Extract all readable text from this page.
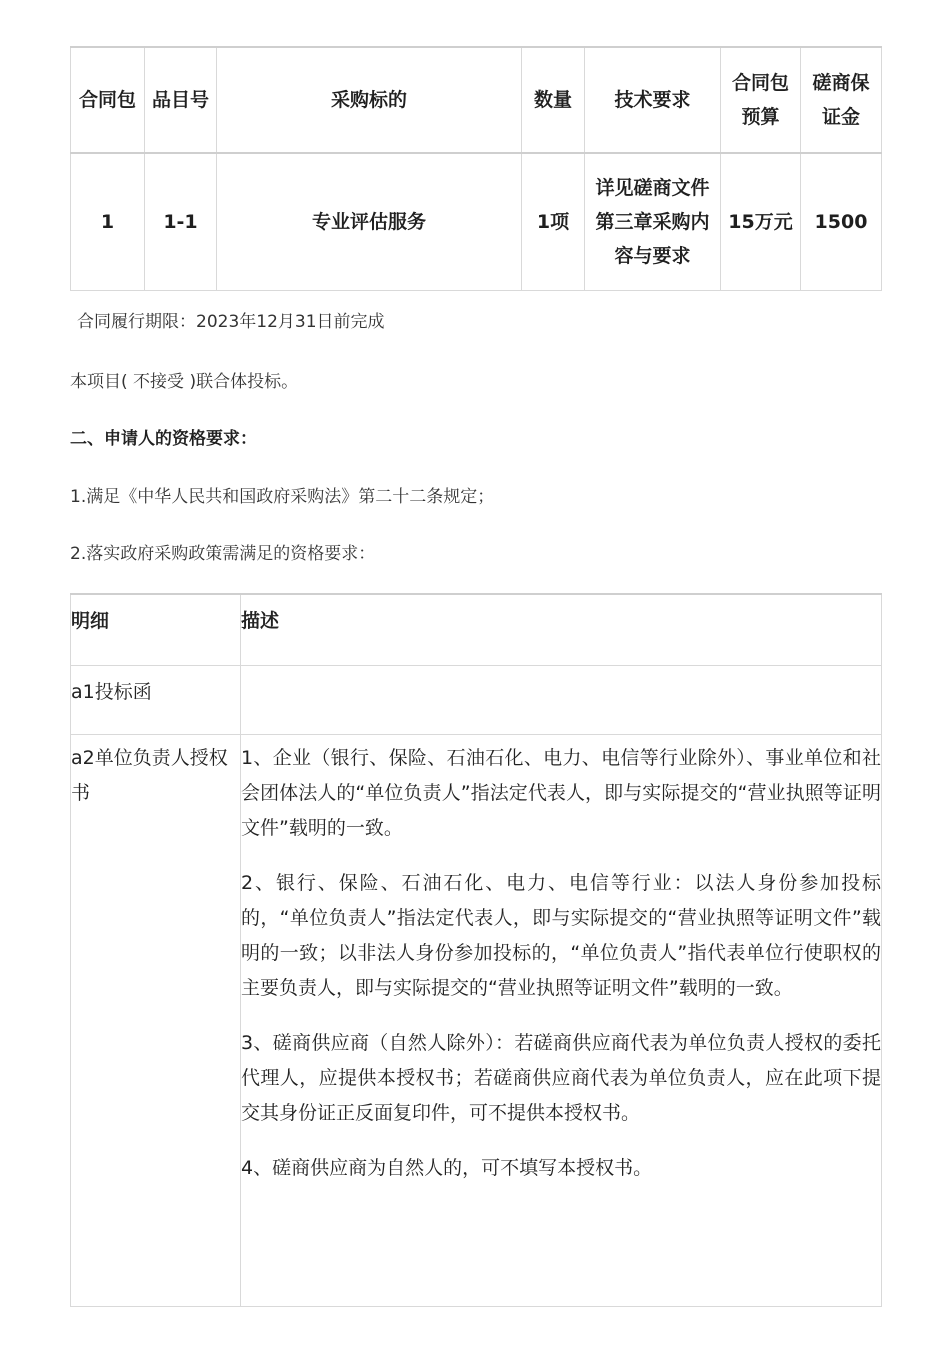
合同包	品目号	采购标的	数量	技术要求	合同包预算	磋商保证金
1	1-1	专业评估服务	1项	详见磋商文件第三章采购内容与要求	15万元	1500
合同履行期限：2023年12月31日前完成
本项目( 不接受 )联合体投标。
二、申请人的资格要求：
1.满足《中华人民共和国政府采购法》第二十二条规定；
2.落实政府采购政策需满足的资格要求：
明细	描述
a1投标函	
a2单位负责人授权书	1、企业（银行、保险、石油石化、电力、电信等行业除外）、事业单位和社会团体法人的“单位负责人”指法定代表人，即与实际提交的“营业执照等证明文件”载明的一致。

2、银行、保险、石油石化、电力、电信等行业：以法人身份参加投标的，“单位负责人”指法定代表人，即与实际提交的“营业执照等证明文件”载明的一致；以非法人身份参加投标的，“单位负责人”指代表单位行使职权的主要负责人，即与实际提交的“营业执照等证明文件”载明的一致。

3、磋商供应商（自然人除外）：若磋商供应商代表为单位负责人授权的委托代理人，应提供本授权书；若磋商供应商代表为单位负责人，应在此项下提交其身份证正反面复印件，可不提供本授权书。

4、磋商供应商为自然人的，可不填写本授权书。
